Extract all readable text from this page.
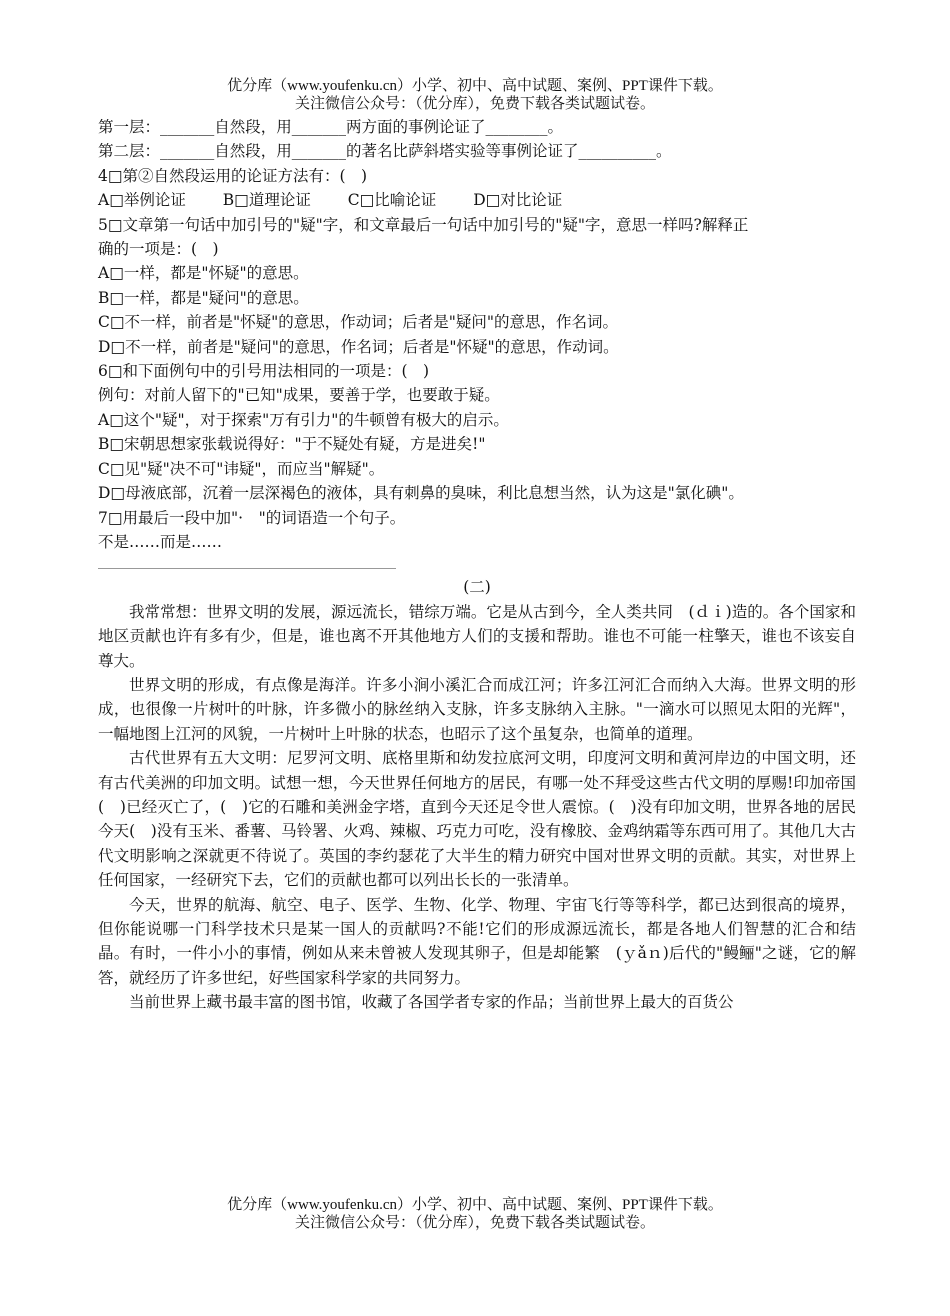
优分库（www.youfenku.cn）小学、初中、高中试题、案例、PPT课件下载。
关注微信公众号：（优分库），免费下载各类试题试卷。
第一层：_______自然段，用_______两方面的事例论证了________。
第二层：_______自然段，用_______的著名比萨斜塔实验等事例论证了__________。
4□第②自然段运用的论证方法有：(　)
A□举例论证 B□道理论证 C□比喻论证 D□对比论证
5□文章第一句话中加引号的"疑"字，和文章最后一句话中加引号的"疑"字，意思一样吗?解释正
确的一项是：(　)
A□一样，都是"怀疑"的意思。
B□一样，都是"疑问"的意思。
C□不一样，前者是"怀疑"的意思，作动词；后者是"疑问"的意思，作名词。
D□不一样，前者是"疑问"的意思，作名词；后者是"怀疑"的意思，作动词。
6□和下面例句中的引号用法相同的一项是：(　)
例句：对前人留下的"已知"成果，要善于学，也要敢于疑。
A□这个"疑"，对于探索"万有引力"的牛顿曾有极大的启示。
B□宋朝思想家张载说得好："于不疑处有疑，方是进矣!"
C□见"疑"决不可"讳疑"，而应当"解疑"。
D□母液底部，沉着一层深褐色的液体，具有刺鼻的臭味，利比息想当然，认为这是"氯化碘"。
7□用最后一段中加"·　"的词语造一个句子。
不是……而是……
(二)

我常常想：世界文明的发展，源远流长，错综万端。它是从古到今，全人类共同　(ｄｉ)造的。各个国家和地区贡献也许有多有少，但是，谁也离不开其他地方人们的支援和帮助。谁也不可能一柱擎天，谁也不该妄自尊大。

世界文明的形成，有点像是海洋。许多小涧小溪汇合而成江河；许多江河汇合而纳入大海。世界文明的形成，也很像一片树叶的叶脉，许多微小的脉丝纳入支脉，许多支脉纳入主脉。"一滴水可以照见太阳的光辉"，一幅地图上江河的风貌，一片树叶上叶脉的状态，也昭示了这个虽复杂，也简单的道理。

古代世界有五大文明：尼罗河文明、底格里斯和幼发拉底河文明，印度河文明和黄河岸边的中国文明，还有古代美洲的印加文明。试想一想，今天世界任何地方的居民，有哪一处不拜受这些古代文明的厚赐!印加帝国(　)已经灭亡了，(　)它的石雕和美洲金字塔，直到今天还足令世人震惊。(　)没有印加文明，世界各地的居民今天(　)没有玉米、番薯、马铃署、火鸡、辣椒、巧克力可吃，没有橡胶、金鸡纳霜等东西可用了。其他几大古代文明影响之深就更不待说了。英国的李约瑟花了大半生的精力研究中国对世界文明的贡献。其实，对世界上任何国家，一经研究下去，它们的贡献也都可以列出长长的一张清单。

今天，世界的航海、航空、电子、医学、生物、化学、物理、宇宙飞行等等科学，都已达到很高的境界，但你能说哪一门科学技术只是某一国人的贡献吗?不能!它们的形成源远流长，都是各地人们智慧的汇合和结晶。有时，一件小小的事情，例如从来未曾被人发现其卵子，但是却能繁　(ｙǎｎ)后代的"鳗鲡"之谜，它的解答，就经历了许多世纪，好些国家科学家的共同努力。

当前世界上藏书最丰富的图书馆，收藏了各国学者专家的作品；当前世界上最大的百货公

优分库（www.youfenku.cn）小学、初中、高中试题、案例、PPT课件下载。
关注微信公众号：（优分库），免费下载各类试题试卷。
